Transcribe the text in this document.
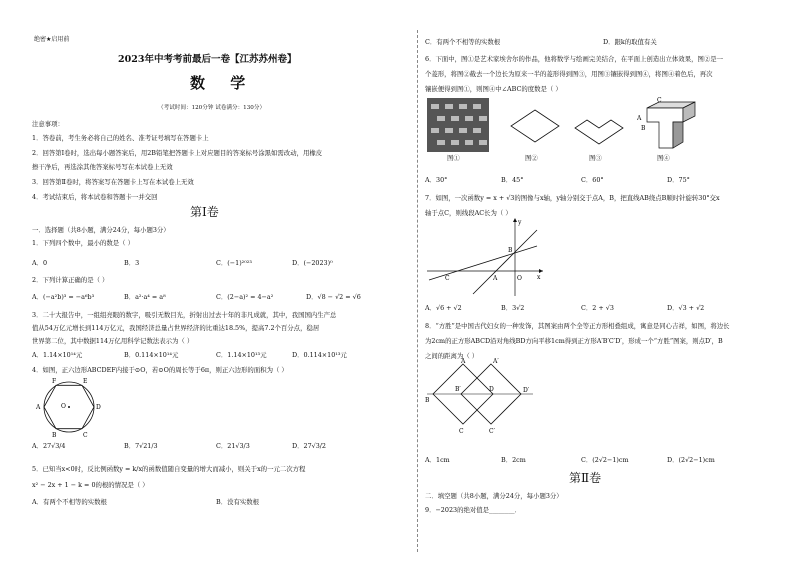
绝密★启用前
2023年中考考前最后一卷【江苏苏州卷】
数 学
（考试时间：120分钟 试卷满分：130分）
注意事项：
1．答卷前，考生务必将自己的姓名、准考证号填写在答题卡上
2．回答第Ⅰ卷时，选出每小题答案后，用2B铅笔把答题卡上对应题目的答案标号涂黑如需改动，用橡皮
擦干净后，再选涂其他答案标号写在本试卷上无效
3．回答第Ⅱ卷时，将答案写在答题卡上写在本试卷上无效
4．考试结束后，将本试卷和答题卡一并交回
第Ⅰ卷
一．选择题（共8小题，满分24分，每小题3分）
1．下列四个数中，最小的数是（ ）
A．0	B．3	C．(−1)²⁰²³	D．(−2023)⁰
2．下列计算正确的是（ ）
A．(−a²b)³ = −a⁶b³	B．a²·a⁴ = a⁸	C．(2−a)² = 4−a²	D．√8 − √2 = √6
3．二十大报告中，一组组亮眼的数字，吸引无数目光，折射出过去十年的非凡成就，其中，我国国内生产总
值从54万亿元增长到114万亿元，我国经济总量占世界经济的比重达18.5%，提高7.2个百分点，稳居
世界第二位，其中数据114万亿用科学记数法表示为（ ）
A．1.14×10¹⁴元	B．0.114×10¹⁴元	C．1.14×10¹³元	D．0.114×10¹³元
4．如图，正六边形ABCDEF内接于⊙O，若⊙O的周长等于6π，则正六边形的面积为（ ）
F	E
A	O	D
B	C
A．27√3/4	B．7√21/3	C．21√3/3	D．27√3/2
5．已知当x<0时，反比例函数y = k/x的函数值随自变量的增大而减小，则关于x的一元二次方程
x² − 2x + 1 − k = 0的根的情况是（ ）
A．有两个不相等的实数根	B．没有实数根
C．有两个不相等的实数根	D．跟k的取值有关
6．下面中，图①是艺术家埃舍尔的作品，他将数学与绘画完美结合，在平面上创造出立体效果，图②是一
个菱形，将图②截去一个边长为原来一半的菱形得到图③，用图③镶嵌得到图④，将图④着色后，再次
镶嵌便得到图①，则图④中∠ABC的度数是（ ）
图①	图②	图③
A
B
C
图④
A．30°	B．45°	C．60°	D．75°
7．如图，一次函数y = x + √3的图像与x轴，y轴分别交于点A，B，把直线AB绕点B顺时针旋转30°交x
轴于点C，则线段AC长为（ ）
y
B
C	A	O	x
A．√6 + √2	B．3√2	C．2 + √3	D．√3 + √2
8．“方胜”是中国古代妇女的一种发饰，其图案由两个全等正方形相叠组成，寓意是同心吉祥，如图，将边长
为2cm的正方形ABCD沿对角线BD方向平移1cm得到正方形A′B′C′D′，形成一个“方胜”图案，则点D′，B
之间的距离为（ ）
A	A′
B′	D	D′
B
C	C′
A．1cm	B．2cm	C．(2√2−1)cm	D．(2√2−1)cm
第Ⅱ卷
二．填空题（共8小题，满分24分，每小题3分）
9．−2023的绝对值是________．
